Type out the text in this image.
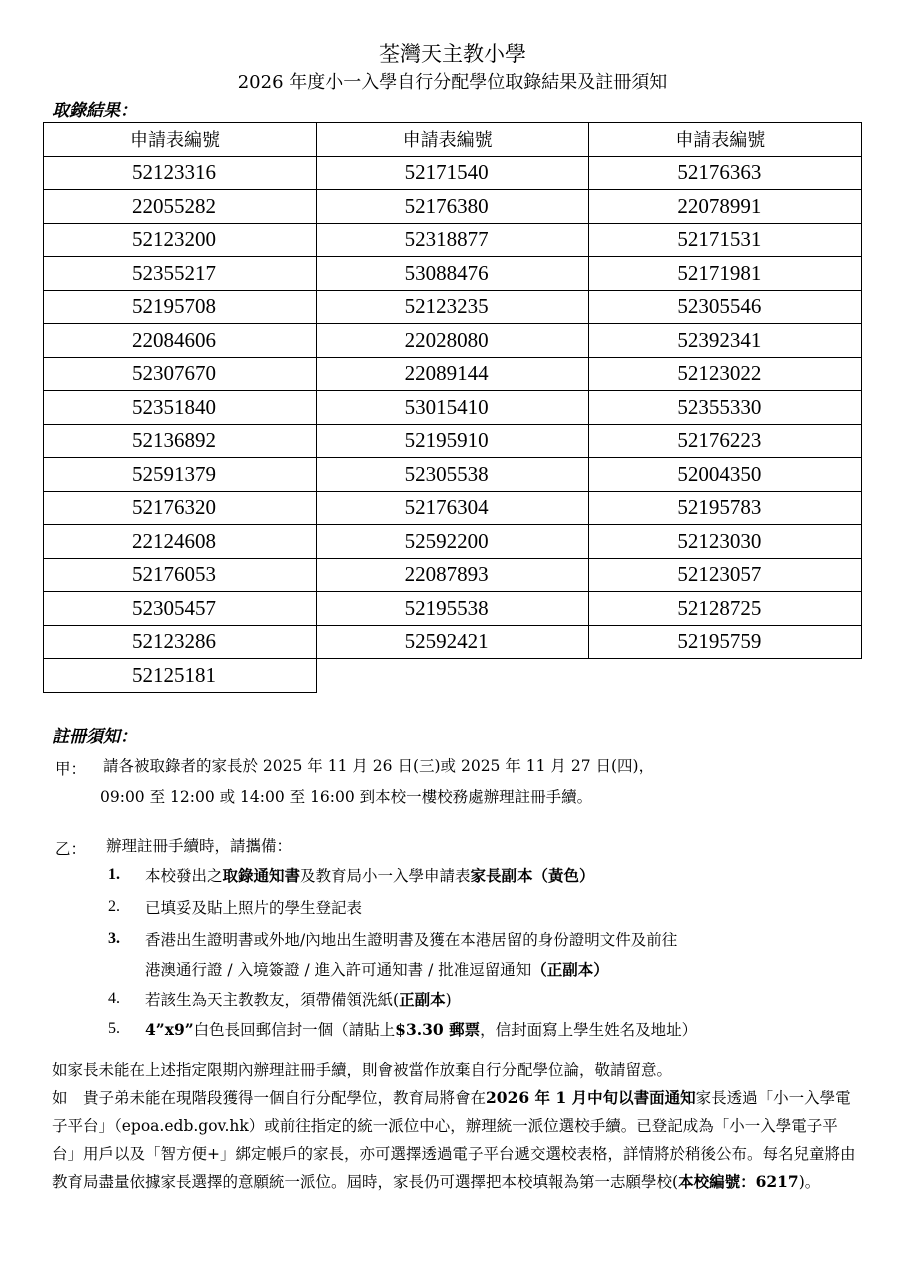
荃灣天主教小學
2026 年度小一入學自行分配學位取錄結果及註冊須知
取錄結果：
申請表編號	申請表編號	申請表編號
52123316	52171540	52176363
22055282	52176380	22078991
52123200	52318877	52171531
52355217	53088476	52171981
52195708	52123235	52305546
22084606	22028080	52392341
52307670	22089144	52123022
52351840	53015410	52355330
52136892	52195910	52176223
52591379	52305538	52004350
52176320	52176304	52195783
22124608	52592200	52123030
52176053	22087893	52123057
52305457	52195538	52128725
52123286	52592421	52195759
52125181		
註冊須知：
甲： 請各被取錄者的家長於 2025 年 11 月 26 日(三)或 2025 年 11 月 27 日(四)，
09:00 至 12:00 或 14:00 至 16:00 到本校一樓校務處辦理註冊手續。
乙： 辦理註冊手續時，請攜備：
1. 本校發出之取錄通知書及教育局小一入學申請表家長副本（黃色）
2. 已填妥及貼上照片的學生登記表
3. 香港出生證明書或外地/內地出生證明書及獲在本港居留的身份證明文件及前往
港澳通行證 / 入境簽證 / 進入許可通知書 / 批准逗留通知（正副本）
4. 若該生為天主教教友，須帶備領洗紙(正副本)
5. 4”x9”白色長回郵信封一個（請貼上$3.30 郵票，信封面寫上學生姓名及地址）
如家長未能在上述指定限期內辦理註冊手續，則會被當作放棄自行分配學位論，敬請留意。
如　貴子弟未能在現階段獲得一個自行分配學位，教育局將會在2026 年 1 月中旬以書面通知家長透過「小一入學電子平台」（epoa.edb.gov.hk）或前往指定的統一派位中心，辦理統一派位選校手續。已登記成為「小一入學電子平台」用戶以及「智方便+」綁定帳戶的家長，亦可選擇透過電子平台遞交選校表格，詳情將於稍後公布。每名兒童將由教育局盡量依據家長選擇的意願統一派位。屆時，家長仍可選擇把本校填報為第一志願學校(本校編號：6217)。
